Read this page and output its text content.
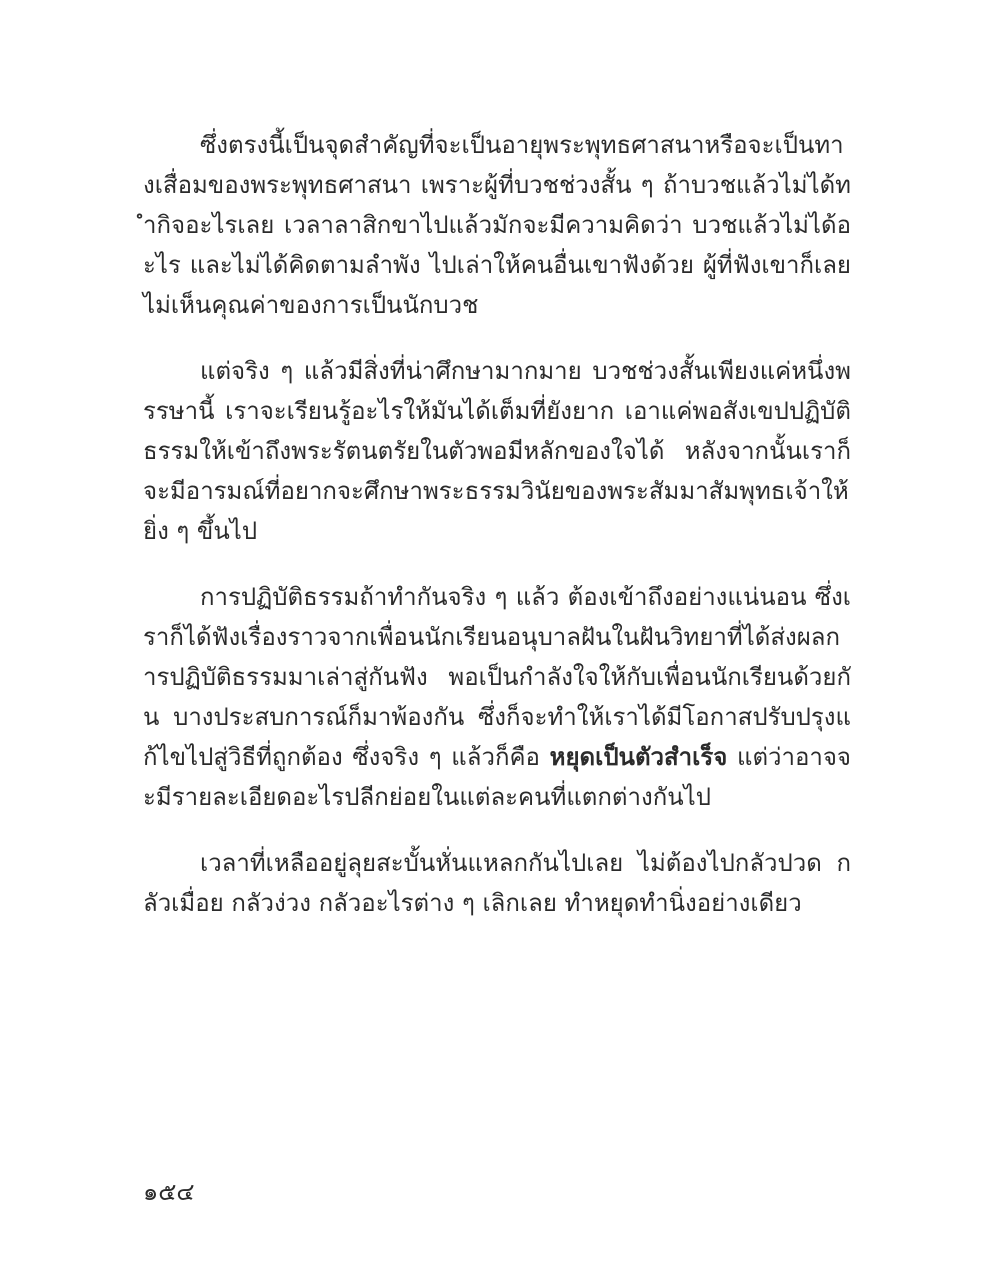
ซึ่งตรงนี้เป็นจุดสำคัญที่จะเป็นอายุพระพุทธศาสนาหรือจะเป็นทางเสื่อมของพระพุทธศาสนา เพราะผู้ที่บวชช่วงสั้น ๆ ถ้าบวชแล้วไม่ได้ทำกิจอะไรเลย เวลาลาสิกขาไปแล้วมักจะมีความคิดว่า บวชแล้วไม่ได้อะไร และไม่ได้คิดตามลำพัง ไปเล่าให้คนอื่นเขาฟังด้วย ผู้ที่ฟังเขาก็เลยไม่เห็นคุณค่าของการเป็นนักบวช

แต่จริง ๆ แล้วมีสิ่งที่น่าศึกษามากมาย บวชช่วงสั้นเพียงแค่หนึ่งพรรษานี้ เราจะเรียนรู้อะไรให้มันได้เต็มที่ยังยาก เอาแค่พอสังเขปปฏิบัติธรรมให้เข้าถึงพระรัตนตรัยในตัวพอมีหลักของใจได้ หลังจากนั้นเราก็จะมีอารมณ์ที่อยากจะศึกษาพระธรรมวินัยของพระสัมมาสัมพุทธเจ้าให้ยิ่ง ๆ ขึ้นไป

การปฏิบัติธรรมถ้าทำกันจริง ๆ แล้ว ต้องเข้าถึงอย่างแน่นอน ซึ่งเราก็ได้ฟังเรื่องราวจากเพื่อนนักเรียนอนุบาลฝันในฝันวิทยาที่ได้ส่งผลการปฏิบัติธรรมมาเล่าสู่กันฟัง พอเป็นกำลังใจให้กับเพื่อนนักเรียนด้วยกัน บางประสบการณ์ก็มาพ้องกัน ซึ่งก็จะทำให้เราได้มีโอกาสปรับปรุงแก้ไขไปสู่วิธีที่ถูกต้อง ซึ่งจริง ๆ แล้วก็คือ หยุดเป็นตัวสำเร็จ แต่ว่าอาจจะมีรายละเอียดอะไรปลีกย่อยในแต่ละคนที่แตกต่างกันไป

เวลาที่เหลืออยู่ลุยสะบั้นหั่นแหลกกันไปเลย ไม่ต้องไปกลัวปวด กลัวเมื่อย กลัวง่วง กลัวอะไรต่าง ๆ เลิกเลย ทำหยุดทำนิ่งอย่างเดียว

๑๕๔
